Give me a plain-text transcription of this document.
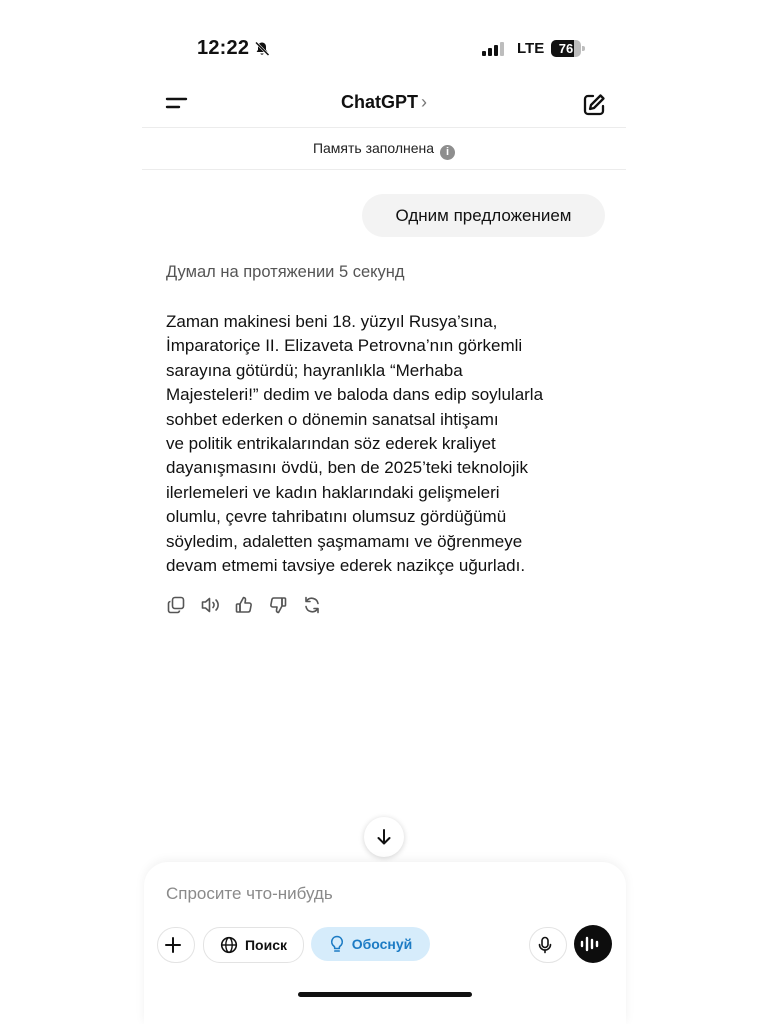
12:22	LTE	76
ChatGPT ›
Память заполнена i
Одним предложением
Думал на протяжении 5 секунд
Zaman makinesi beni 18. yüzyıl Rusya’sına,
İmparatoriçe II. Elizaveta Petrovna’nın görkemli
sarayına götürdü; hayranlıkla “Merhaba
Majesteleri!” dedim ve baloda dans edip soylularla
sohbet ederken o dönemin sanatsal ihtişamı
ve politik entrikalarından söz ederek kraliyet
dayanışmasını övdü, ben de 2025’teki teknolojik
ilerlemeleri ve kadın haklarındaki gelişmeleri
olumlu, çevre tahribatını olumsuz gördüğümü
söyledim, adaletten şaşmamamı ve öğrenmeye
devam etmemi tavsiye ederek nazikçe uğurladı.
Спросите что-нибудь
Поиск	Обоснуй
